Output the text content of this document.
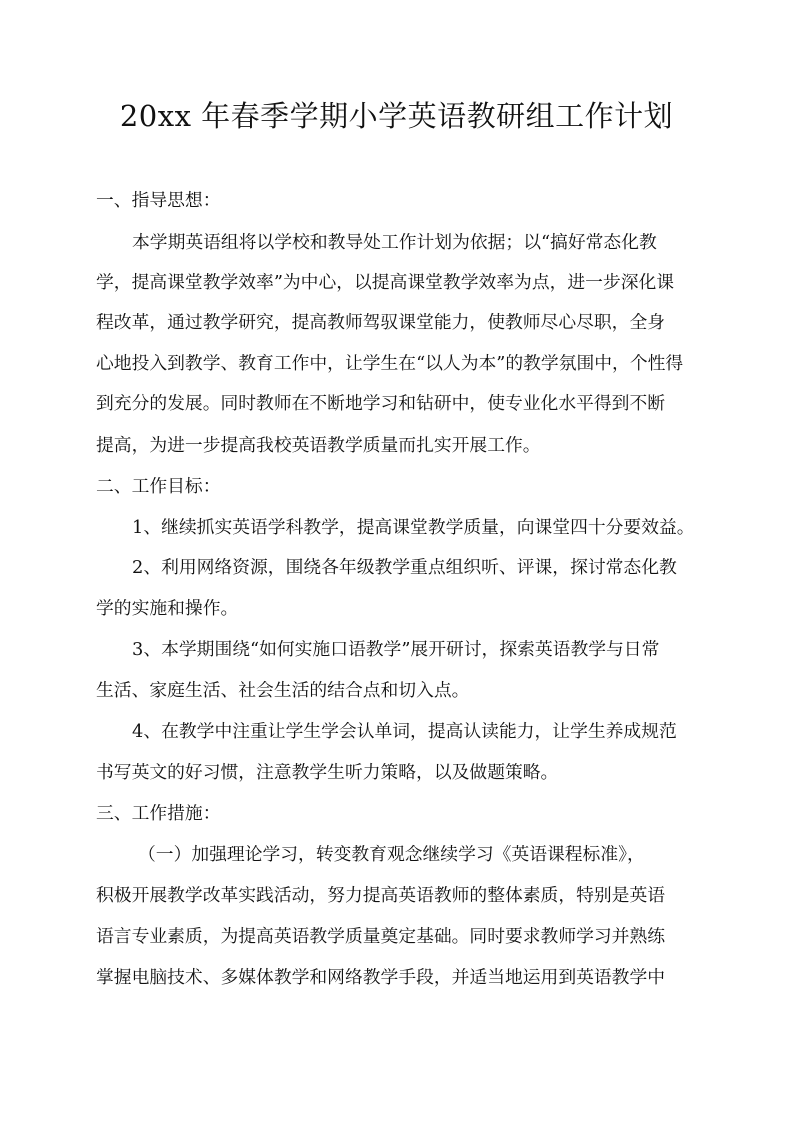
20xx 年春季学期小学英语教研组工作计划
一、指导思想：
本学期英语组将以学校和教导处工作计划为依据；以“搞好常态化教
学，提高课堂教学效率”为中心，以提高课堂教学效率为点，进一步深化课
程改革，通过教学研究，提高教师驾驭课堂能力，使教师尽心尽职，全身
心地投入到教学、教育工作中，让学生在“以人为本”的教学氛围中，个性得
到充分的发展。同时教师在不断地学习和钻研中，使专业化水平得到不断
提高，为进一步提高我校英语教学质量而扎实开展工作。
二、工作目标：
1、继续抓实英语学科教学，提高课堂教学质量，向课堂四十分要效益。
2、利用网络资源，围绕各年级教学重点组织听、评课，探讨常态化教
学的实施和操作。
3、本学期围绕“如何实施口语教学”展开研讨，探索英语教学与日常
生活、家庭生活、社会生活的结合点和切入点。
4、在教学中注重让学生学会认单词，提高认读能力，让学生养成规范
书写英文的好习惯，注意教学生听力策略，以及做题策略。
三、工作措施：
（一）加强理论学习，转变教育观念继续学习《英语课程标准》，
积极开展教学改革实践活动，努力提高英语教师的整体素质，特别是英语
语言专业素质，为提高英语教学质量奠定基础。同时要求教师学习并熟练
掌握电脑技术、多媒体教学和网络教学手段，并适当地运用到英语教学中
